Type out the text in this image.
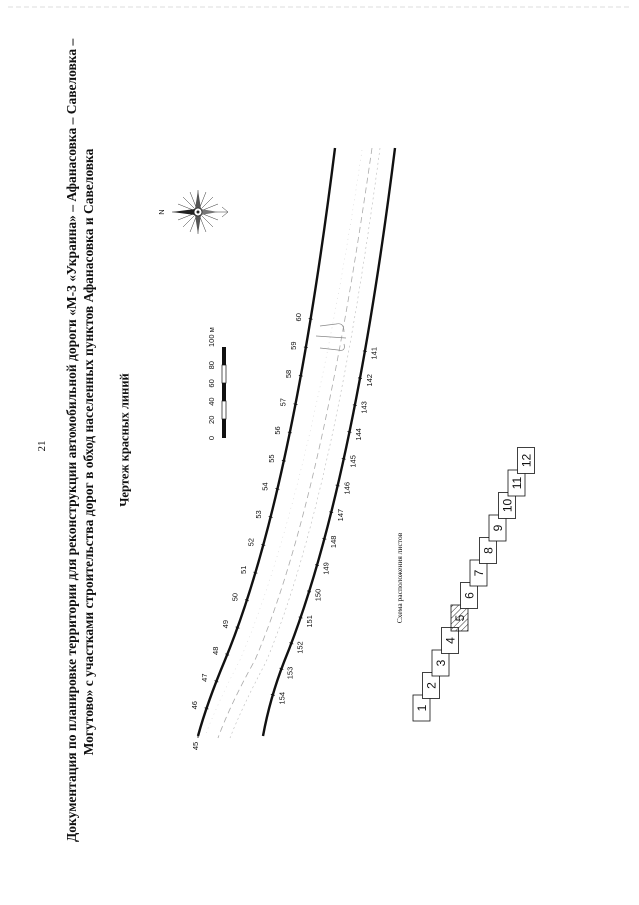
21 Документация по планировке территории для реконструкции автомобильной дороги «М-3 «Украина» – Афанасовка – Савеловка – Могутово» с участками строительства дорог в обход населенных пунктов Афанасовка и Савеловка Чертеж красных линий
N
0
20
40
60
80
100 м
60
59
58
57
56
55
54
53
52
51
50
49
48
47
46
45
141
142
143
144
145
146
147
148
149
150
151
152
153
154
Схема расположения листов
1
2
3
4
5
6
7
8
9
10
11
12
